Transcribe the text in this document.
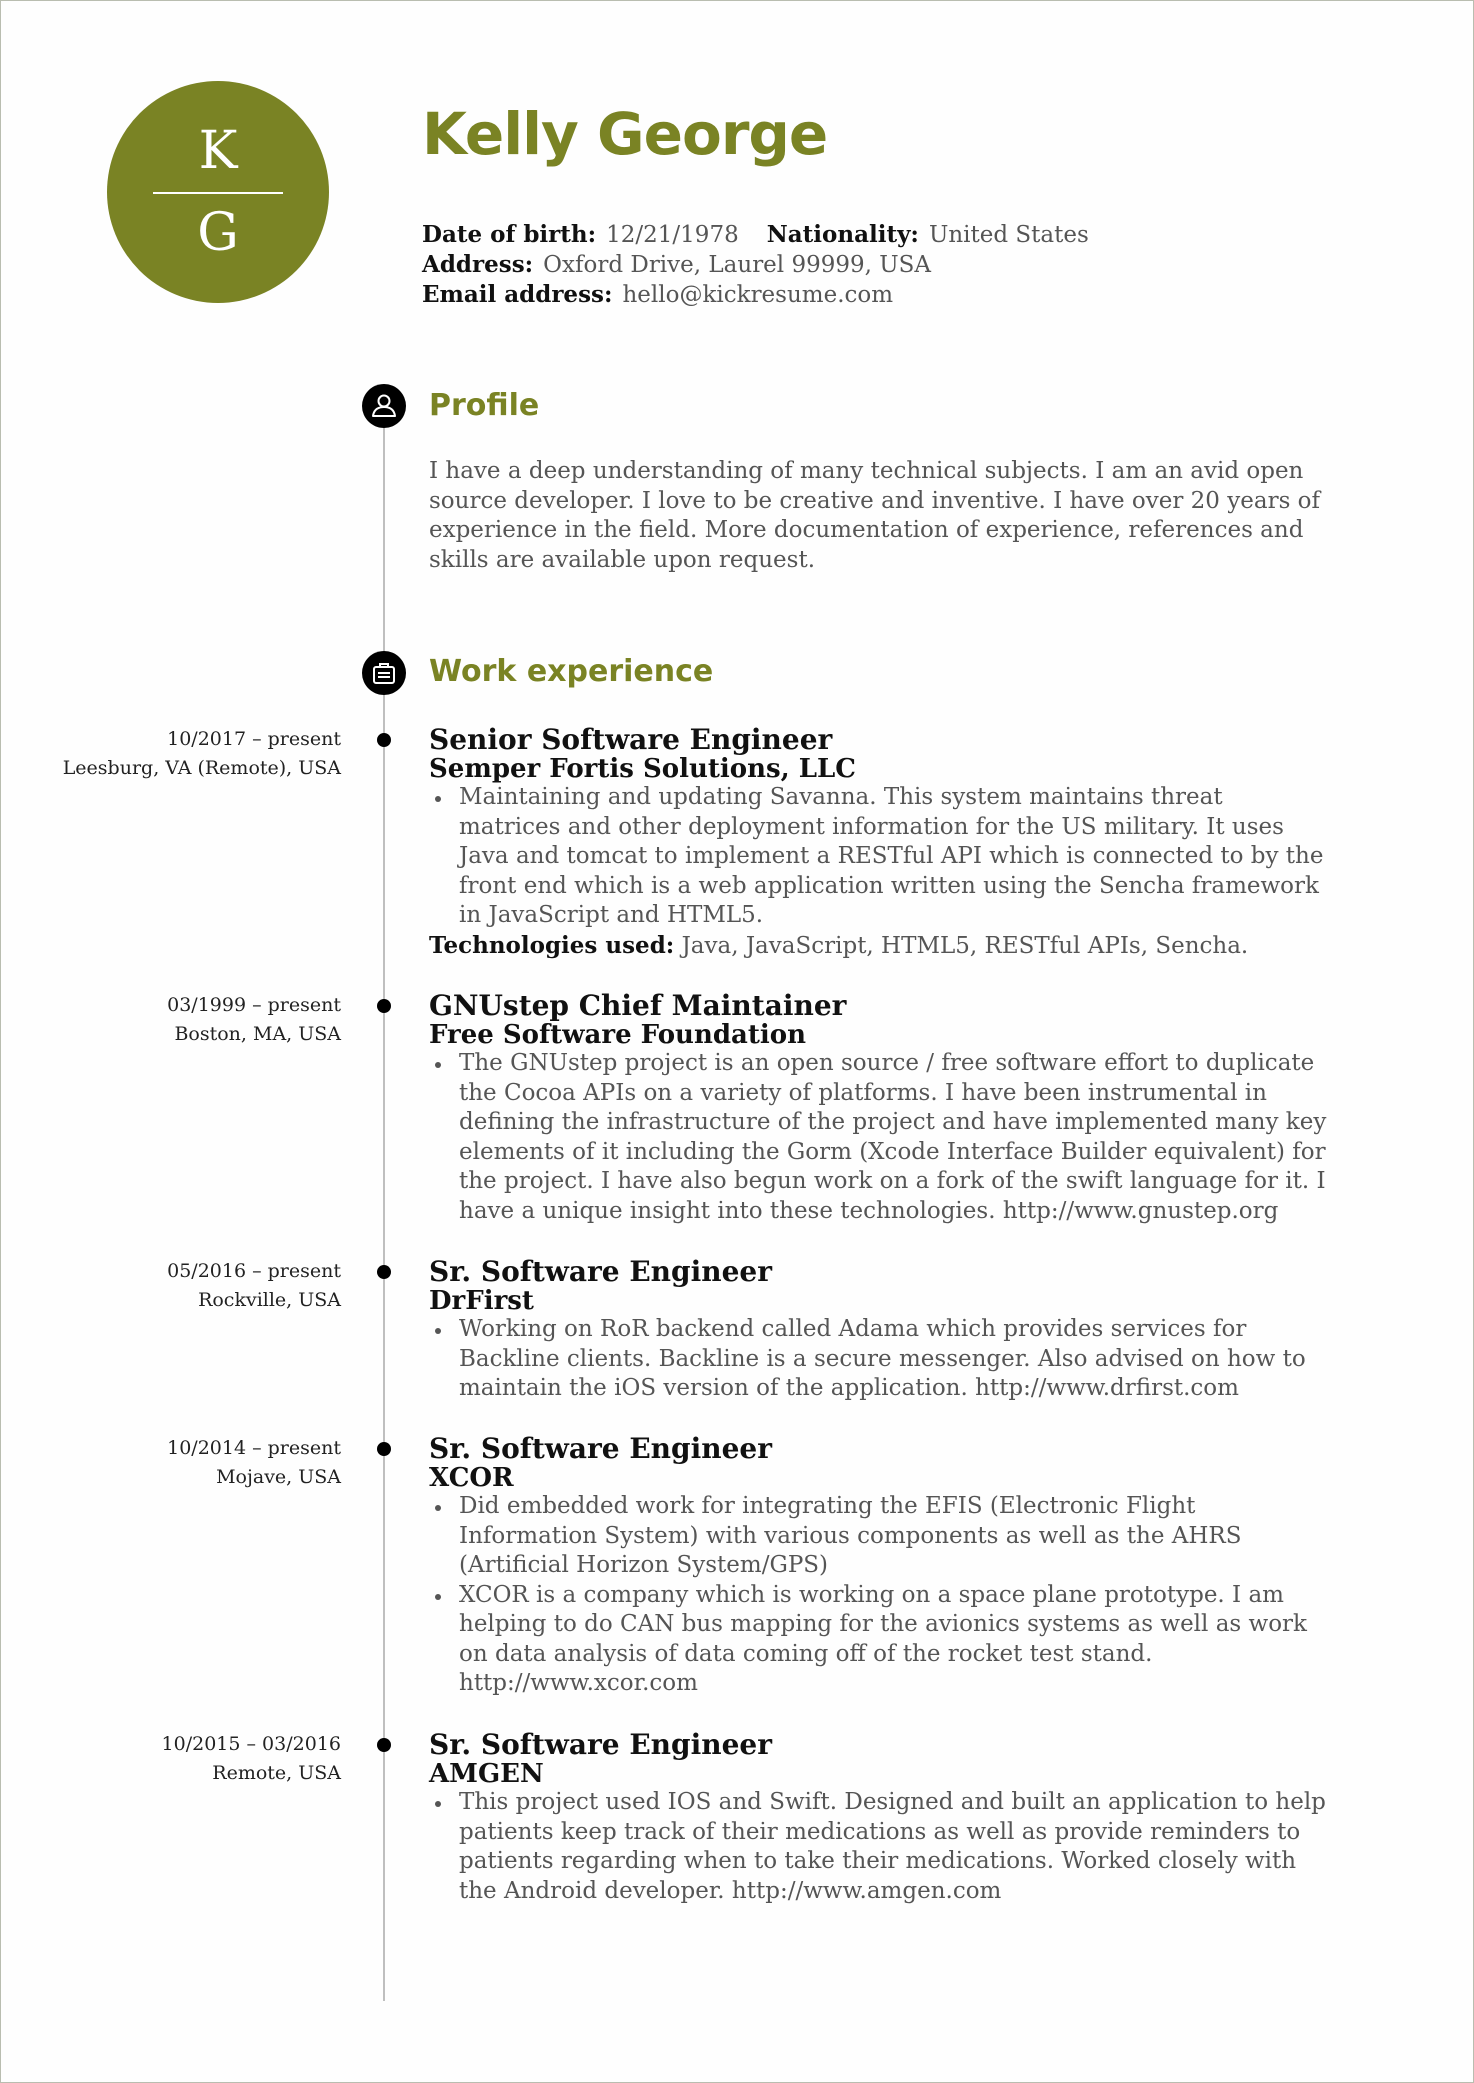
K
G
Kelly George
Date of birth: 12/21/1978 Nationality: United States
Address: Oxford Drive, Laurel 99999, USA
Email address: hello@kickresume.com
Profile
I have a deep understanding of many technical subjects. I am an avid open source developer. I love to be creative and inventive. I have over 20 years of experience in the field. More documentation of experience, references and skills are available upon request.
Work experience
10/2017 – present
Leesburg, VA (Remote), USA
Senior Software Engineer
Semper Fortis Solutions, LLC
Maintaining and updating Savanna. This system maintains threat matrices and other deployment information for the US military. It uses Java and tomcat to implement a RESTful API which is connected to by the front end which is a web application written using the Sencha framework in JavaScript and HTML5.
Technologies used: Java, JavaScript, HTML5, RESTful APIs, Sencha.
03/1999 – present
Boston, MA, USA
GNUstep Chief Maintainer
Free Software Foundation
The GNUstep project is an open source / free software effort to duplicate the Cocoa APIs on a variety of platforms. I have been instrumental in defining the infrastructure of the project and have implemented many key elements of it including the Gorm (Xcode Interface Builder equivalent) for the project. I have also begun work on a fork of the swift language for it. I have a unique insight into these technologies. http://www.gnustep.org
05/2016 – present
Rockville, USA
Sr. Software Engineer
DrFirst
Working on RoR backend called Adama which provides services for Backline clients. Backline is a secure messenger. Also advised on how to maintain the iOS version of the application. http://www.drfirst.com
10/2014 – present
Mojave, USA
Sr. Software Engineer
XCOR
Did embedded work for integrating the EFIS (Electronic Flight Information System) with various components as well as the AHRS (Artificial Horizon System/GPS)
XCOR is a company which is working on a space plane prototype. I am helping to do CAN bus mapping for the avionics systems as well as work on data analysis of data coming off of the rocket test stand. http://www.xcor.com
10/2015 – 03/2016
Remote, USA
Sr. Software Engineer
AMGEN
This project used IOS and Swift. Designed and built an application to help patients keep track of their medications as well as provide reminders to patients regarding when to take their medications. Worked closely with the Android developer. http://www.amgen.com
